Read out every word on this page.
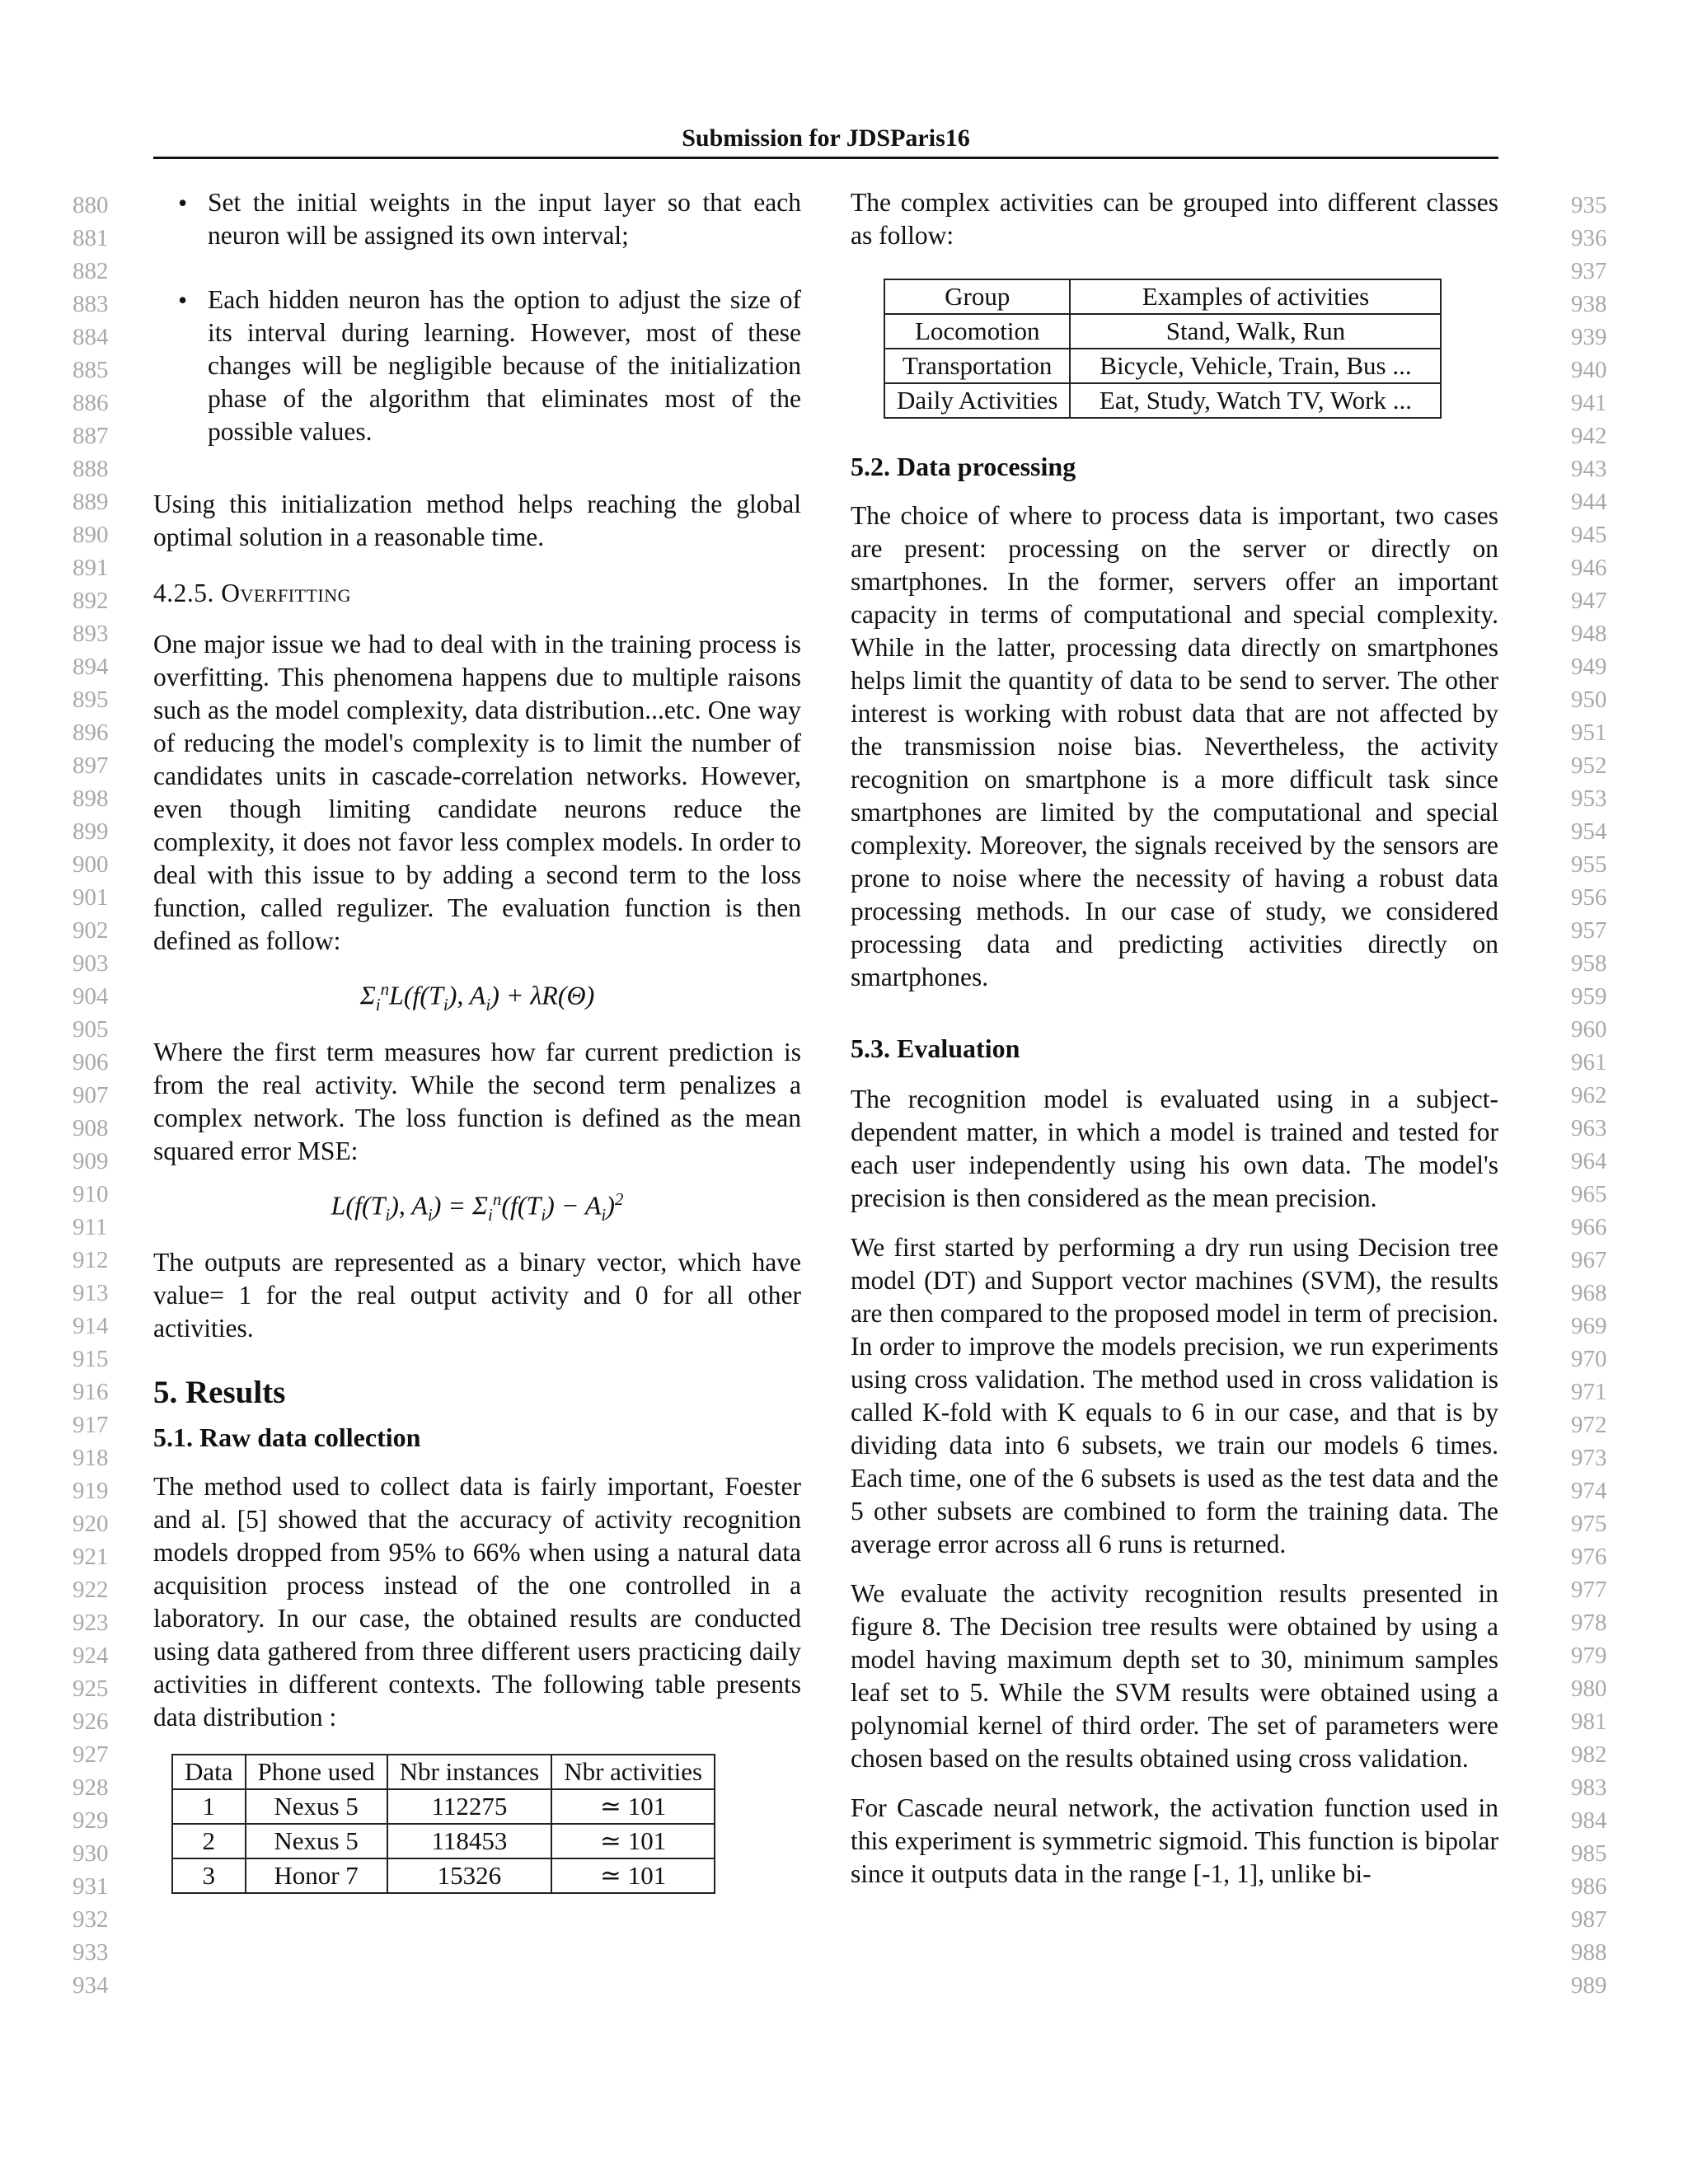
Submission for JDSParis16
880
881
882
883
884
885
886
887
888
889
890
891
892
893
894
895
896
897
898
899
900
901
902
903
904
905
906
907
908
909
910
911
912
913
914
915
916
917
918
919
920
921
922
923
924
925
926
927
928
929
930
931
932
933
934
935
936
937
938
939
940
941
942
943
944
945
946
947
948
949
950
951
952
953
954
955
956
957
958
959
960
961
962
963
964
965
966
967
968
969
970
971
972
973
974
975
976
977
978
979
980
981
982
983
984
985
986
987
988
989
• Set the initial weights in the input layer so that each neuron will be assigned its own interval;
• Each hidden neuron has the option to adjust the size of its interval during learning. However, most of these changes will be negligible because of the initialization phase of the algorithm that eliminates most of the possible values.

Using this initialization method helps reaching the global optimal solution in a reasonable time.

4.2.5. Overfitting

One major issue we had to deal with in the training process is overfitting. This phenomena happens due to multiple raisons such as the model complexity, data distribution...etc. One way of reducing the model's complexity is to limit the number of candidates units in cascade-correlation networks. However, even though limiting candidate neurons reduce the complexity, it does not favor less complex models. In order to deal with this issue to by adding a second term to the loss function, called regulizer. The evaluation function is then defined as follow:

$\Sigma_i^nL(f(T_i)$, $A_i) + \lambda R(\Theta)$

Where the first term measures how far current prediction is from the real activity. While the second term penalizes a complex network. The loss function is defined as the mean squared error MSE:

$L(f(T_i)$, $A_i) = \Sigma_i^n(f(T_i) - A_i)^2$

The outputs are represented as a binary vector, which have value= 1 for the real output activity and 0 for all other activities.

5. Results

5.1. Raw data collection

The method used to collect data is fairly important, Foester and al. [5] showed that the accuracy of activity recognition models dropped from 95% to 66% when using a natural data acquisition process instead of the one controlled in a laboratory. In our case, the obtained results are conducted using data gathered from three different users practicing daily activities in different contexts. The following table presents data distribution :

Data	Phone used	Nbr instances	Nbr activities
1	Nexus 5	112275	≃ 101
2	Nexus 5	118453	≃ 101
3	Honor 7	15326	≃ 101

The complex activities can be grouped into different classes as follow:

Group	Examples of activities
Locomotion	Stand, Walk, Run
Transportation	Bicycle, Vehicle, Train, Bus ...
Daily Activities	Eat, Study, Watch TV, Work ...

5.2. Data processing

The choice of where to process data is important, two cases are present: processing on the server or directly on smartphones. In the former, servers offer an important capacity in terms of computational and special complexity. While in the latter, processing data directly on smartphones helps limit the quantity of data to be send to server. The other interest is working with robust data that are not affected by the transmission noise bias. Nevertheless, the activity recognition on smartphone is a more difficult task since smartphones are limited by the computational and special complexity. Moreover, the signals received by the sensors are prone to noise where the necessity of having a robust data processing methods. In our case of study, we considered processing data and predicting activities directly on smartphones.

5.3. Evaluation

The recognition model is evaluated using in a subject-dependent matter, in which a model is trained and tested for each user independently using his own data. The model's precision is then considered as the mean precision.

We first started by performing a dry run using Decision tree model (DT) and Support vector machines (SVM), the results are then compared to the proposed model in term of precision. In order to improve the models precision, we run experiments using cross validation. The method used in cross validation is called K-fold with K equals to 6 in our case, and that is by dividing data into 6 subsets, we train our models 6 times. Each time, one of the 6 subsets is used as the test data and the 5 other subsets are combined to form the training data. The average error across all 6 runs is returned.

We evaluate the activity recognition results presented in figure 8. The Decision tree results were obtained by using a model having maximum depth set to 30, minimum samples leaf set to 5. While the SVM results were obtained using a polynomial kernel of third order. The set of parameters were chosen based on the results obtained using cross validation.

For Cascade neural network, the activation function used in this experiment is symmetric sigmoid. This function is bipolar since it outputs data in the range [-1, 1], unlike bi-
